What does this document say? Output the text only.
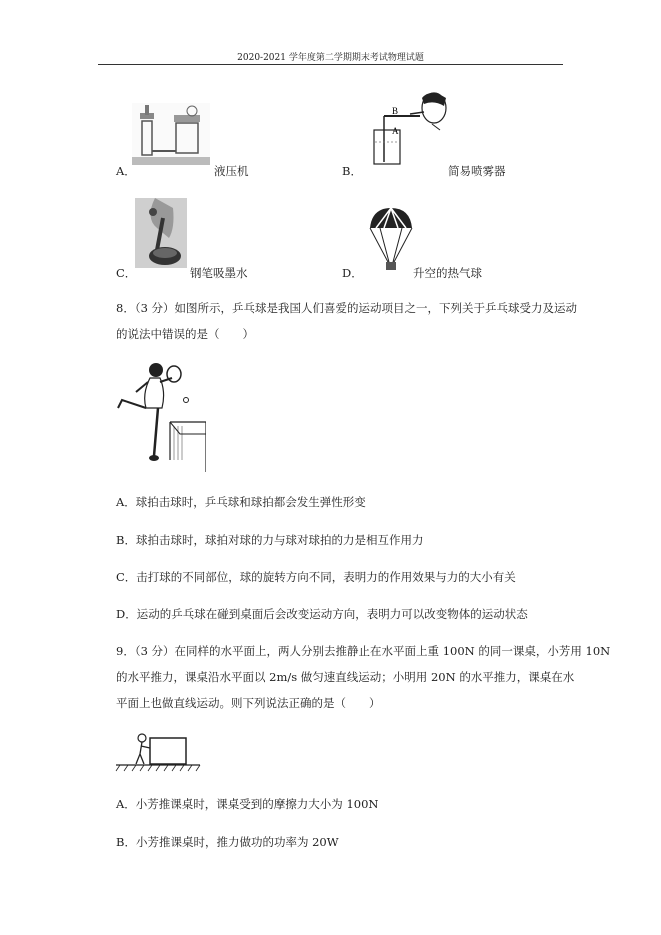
2020-2021 学年度第二学期期末考试物理试题
A．	液压机
B
A
B．	简易喷雾器
C．	钢笔吸墨水	D．	升空的热气球
8．（3 分）如图所示，乒乓球是我国人们喜爱的运动项目之一，下列关于乒乓球受力及运动
的说法中错误的是（　　）
A．球拍击球时，乒乓球和球拍都会发生弹性形变
B．球拍击球时，球拍对球的力与球对球拍的力是相互作用力
C．击打球的不同部位，球的旋转方向不同，表明力的作用效果与力的大小有关
D．运动的乒乓球在碰到桌面后会改变运动方向，表明力可以改变物体的运动状态
9．（3 分）在同样的水平面上，两人分别去推静止在水平面上重 100N 的同一课桌，小芳用 10N
的水平推力，课桌沿水平面以 2m/s 做匀速直线运动；小明用 20N 的水平推力，课桌在水
平面上也做直线运动。则下列说法正确的是（　　）
A．小芳推课桌时，课桌受到的摩擦力大小为 100N
B．小芳推课桌时，推力做功的功率为 20W
